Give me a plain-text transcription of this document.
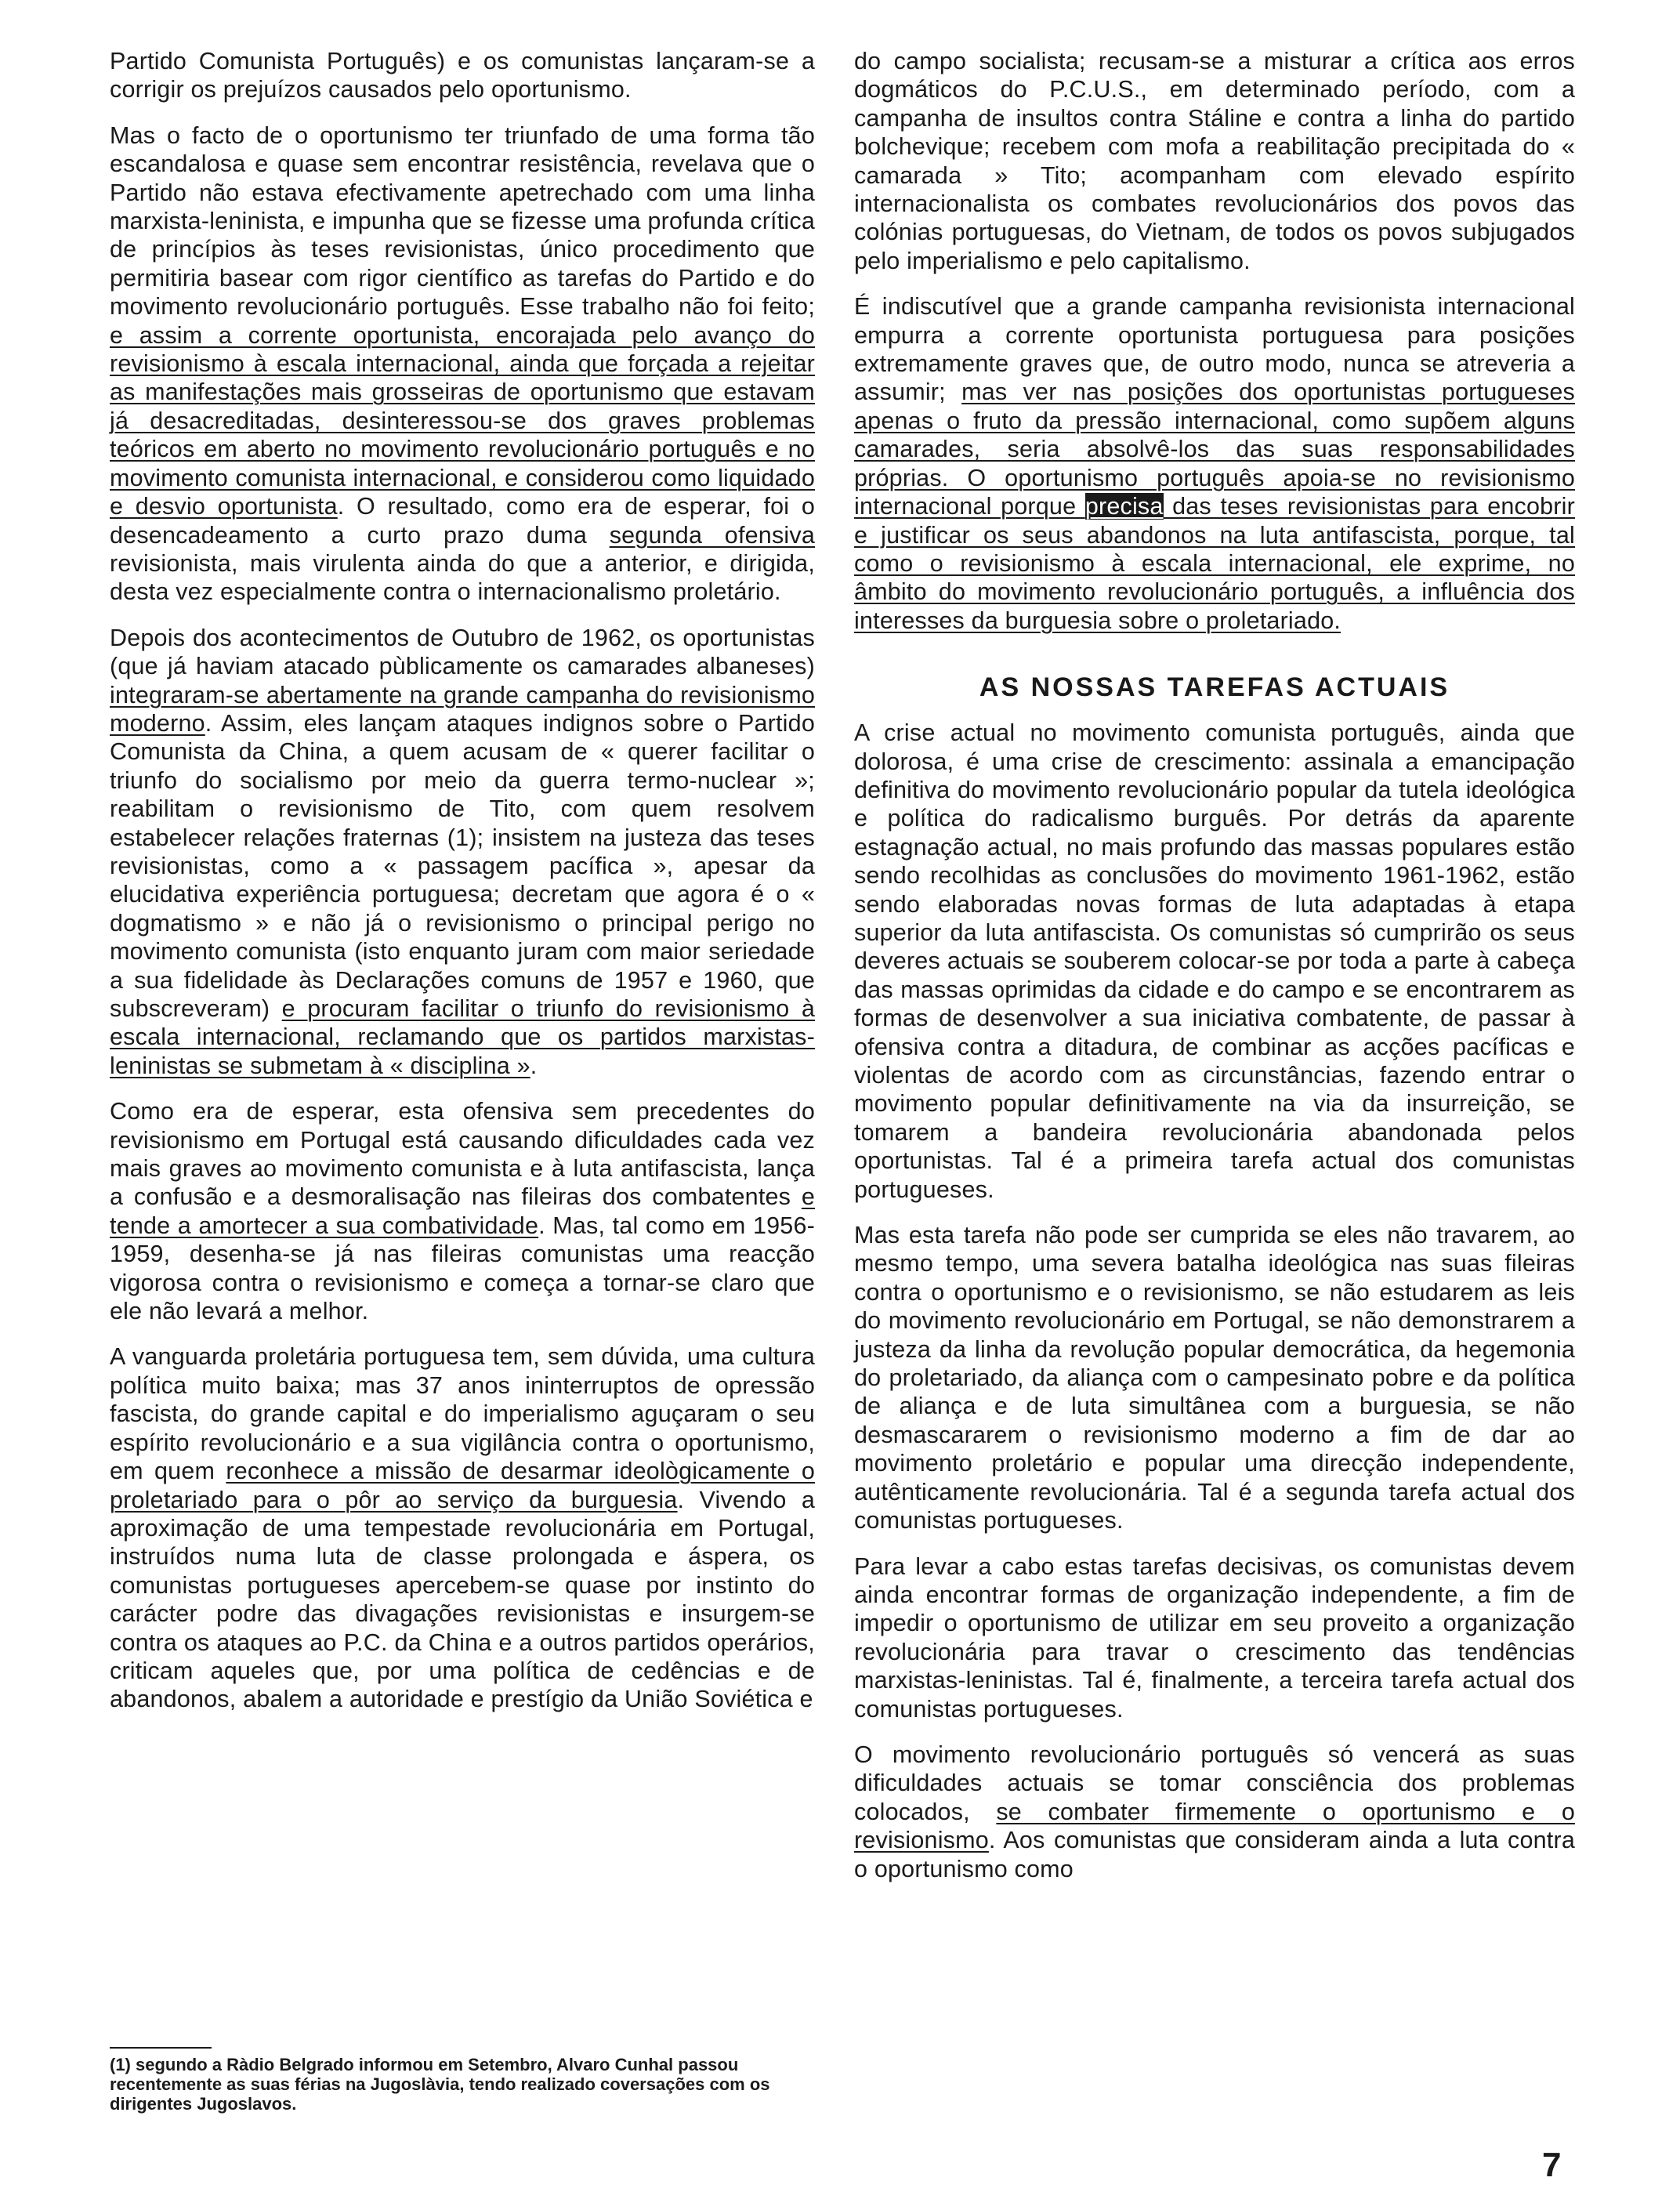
Partido Comunista Português) e os comunistas lançaram-se a corrigir os prejuízos causados pelo oportunismo.

Mas o facto de o oportunismo ter triunfado de uma forma tão escandalosa e quase sem encontrar resistência, revelava que o Partido não estava efectivamente apetrechado com uma linha marxista-leninista, e impunha que se fizesse uma profunda crítica de princípios às teses revisionistas, único procedimento que permitiria basear com rigor científico as tarefas do Partido e do movimento revolucionário português. Esse trabalho não foi feito; e assim a corrente oportunista, encorajada pelo avanço do revisionismo à escala internacional, ainda que forçada a rejeitar as manifestações mais grosseiras de oportunismo que estavam já desacreditadas, desinteressou-se dos graves problemas teóricos em aberto no movimento revolucionário português e no movimento comunista internacional, e considerou como liquidado e desvio oportunista. O resultado, como era de esperar, foi o desencadeamento a curto prazo duma segunda ofensiva revisionista, mais virulenta ainda do que a anterior, e dirigida, desta vez especialmente contra o internacionalismo proletário.

Depois dos acontecimentos de Outubro de 1962, os oportunistas (que já haviam atacado pùblicamente os camarades albaneses) integraram-se abertamente na grande campanha do revisionismo moderno. Assim, eles lançam ataques indignos sobre o Partido Comunista da China, a quem acusam de « querer facilitar o triunfo do socialismo por meio da guerra termo-nuclear »; reabilitam o revisionismo de Tito, com quem resolvem estabelecer relações fraternas (1); insistem na justeza das teses revisionistas, como a « passagem pacífica », apesar da elucidativa experiência portuguesa; decretam que agora é o « dogmatismo » e não já o revisionismo o principal perigo no movimento comunista (isto enquanto juram com maior seriedade a sua fidelidade às Declarações comuns de 1957 e 1960, que subscreveram) e procuram facilitar o triunfo do revisionismo à escala internacional, reclamando que os partidos marxistas-leninistas se submetam à « disciplina ».

Como era de esperar, esta ofensiva sem precedentes do revisionismo em Portugal está causando dificuldades cada vez mais graves ao movimento comunista e à luta antifascista, lança a confusão e a desmoralisação nas fileiras dos combatentes e tende a amortecer a sua combatividade. Mas, tal como em 1956-1959, desenha-se já nas fileiras comunistas uma reacção vigorosa contra o revisionismo e começa a tornar-se claro que ele não levará a melhor.

A vanguarda proletária portuguesa tem, sem dúvida, uma cultura política muito baixa; mas 37 anos ininterruptos de opressão fascista, do grande capital e do imperialismo aguçaram o seu espírito revolucionário e a sua vigilância contra o oportunismo, em quem reconhece a missão de desarmar ideològicamente o proletariado para o pôr ao serviço da burguesia. Vivendo a aproximação de uma tempestade revolucionária em Portugal, instruídos numa luta de classe prolongada e áspera, os comunistas portugueses apercebem-se quase por instinto do carácter podre das divagações revisionistas e insurgem-se contra os ataques ao P.C. da China e a outros partidos operários, criticam aqueles que, por uma política de cedências e de abandonos, abalem a autoridade e prestígio da União Soviética e

do campo socialista; recusam-se a misturar a crítica aos erros dogmáticos do P.C.U.S., em determinado período, com a campanha de insultos contra Stáline e contra a linha do partido bolchevique; recebem com mofa a reabilitação precipitada do « camarada » Tito; acompanham com elevado espírito internacionalista os combates revolucionários dos povos das colónias portuguesas, do Vietnam, de todos os povos subjugados pelo imperialismo e pelo capitalismo.

É indiscutível que a grande campanha revisionista internacional empurra a corrente oportunista portuguesa para posições extremamente graves que, de outro modo, nunca se atreveria a assumir; mas ver nas posições dos oportunistas portugueses apenas o fruto da pressão internacional, como supõem alguns camarades, seria absolvê-los das suas responsabilidades próprias. O oportunismo português apoia-se no revisionismo internacional porque precisa das teses revisionistas para encobrir e justificar os seus abandonos na luta antifascista, porque, tal como o revisionismo à escala internacional, ele exprime, no âmbito do movimento revolucionário português, a influência dos interesses da burguesia sobre o proletariado.

AS NOSSAS TAREFAS ACTUAIS

A crise actual no movimento comunista português, ainda que dolorosa, é uma crise de crescimento: assinala a emancipação definitiva do movimento revolucionário popular da tutela ideológica e política do radicalismo burguês. Por detrás da aparente estagnação actual, no mais profundo das massas populares estão sendo recolhidas as conclusões do movimento 1961-1962, estão sendo elaboradas novas formas de luta adaptadas à etapa superior da luta antifascista. Os comunistas só cumprirão os seus deveres actuais se souberem colocar-se por toda a parte à cabeça das massas oprimidas da cidade e do campo e se encontrarem as formas de desenvolver a sua iniciativa combatente, de passar à ofensiva contra a ditadura, de combinar as acções pacíficas e violentas de acordo com as circunstâncias, fazendo entrar o movimento popular definitivamente na via da insurreição, se tomarem a bandeira revolucionária abandonada pelos oportunistas. Tal é a primeira tarefa actual dos comunistas portugueses.

Mas esta tarefa não pode ser cumprida se eles não travarem, ao mesmo tempo, uma severa batalha ideológica nas suas fileiras contra o oportunismo e o revisionismo, se não estudarem as leis do movimento revolucionário em Portugal, se não demonstrarem a justeza da linha da revolução popular democrática, da hegemonia do proletariado, da aliança com o campesinato pobre e da política de aliança e de luta simultânea com a burguesia, se não desmascararem o revisionismo moderno a fim de dar ao movimento proletário e popular uma direcção independente, autênticamente revolucionária. Tal é a segunda tarefa actual dos comunistas portugueses.

Para levar a cabo estas tarefas decisivas, os comunistas devem ainda encontrar formas de organização independente, a fim de impedir o oportunismo de utilizar em seu proveito a organização revolucionária para travar o crescimento das tendências marxistas-leninistas. Tal é, finalmente, a terceira tarefa actual dos comunistas portugueses.

O movimento revolucionário português só vencerá as suas dificuldades actuais se tomar consciência dos problemas colocados, se combater firmemente o oportunismo e o revisionismo. Aos comunistas que consideram ainda a luta contra o oportunismo como

(1) segundo a Ràdio Belgrado informou em Setembro, Alvaro Cunhal passou recentemente as suas férias na Jugoslàvia, tendo realizado coversações com os dirigentes Jugoslavos.
7
